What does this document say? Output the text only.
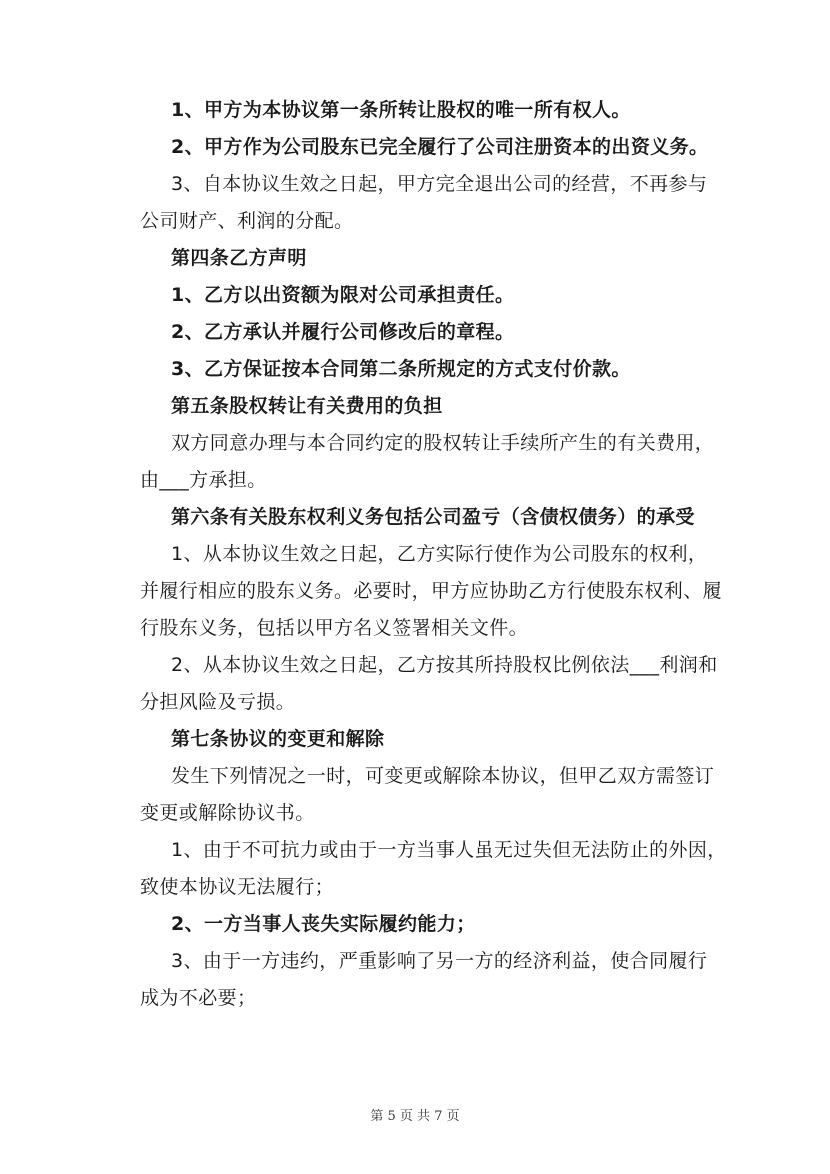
1、甲方为本协议第一条所转让股权的唯一所有权人。
2、甲方作为公司股东已完全履行了公司注册资本的出资义务。
3、自本协议生效之日起，甲方完全退出公司的经营，不再参与
公司财产、利润的分配。
第四条乙方声明
1、乙方以出资额为限对公司承担责任。
2、乙方承认并履行公司修改后的章程。
3、乙方保证按本合同第二条所规定的方式支付价款。
第五条股权转让有关费用的负担
双方同意办理与本合同约定的股权转让手续所产生的有关费用，
由___方承担。
第六条有关股东权利义务包括公司盈亏（含债权债务）的承受
1、从本协议生效之日起，乙方实际行使作为公司股东的权利，
并履行相应的股东义务。必要时，甲方应协助乙方行使股东权利、履
行股东义务，包括以甲方名义签署相关文件。
2、从本协议生效之日起，乙方按其所持股权比例依法___利润和
分担风险及亏损。
第七条协议的变更和解除
发生下列情况之一时，可变更或解除本协议，但甲乙双方需签订
变更或解除协议书。
1、由于不可抗力或由于一方当事人虽无过失但无法防止的外因，
致使本协议无法履行；
2、一方当事人丧失实际履约能力；
3、由于一方违约，严重影响了另一方的经济利益，使合同履行
成为不必要；
第 5 页 共 7 页
